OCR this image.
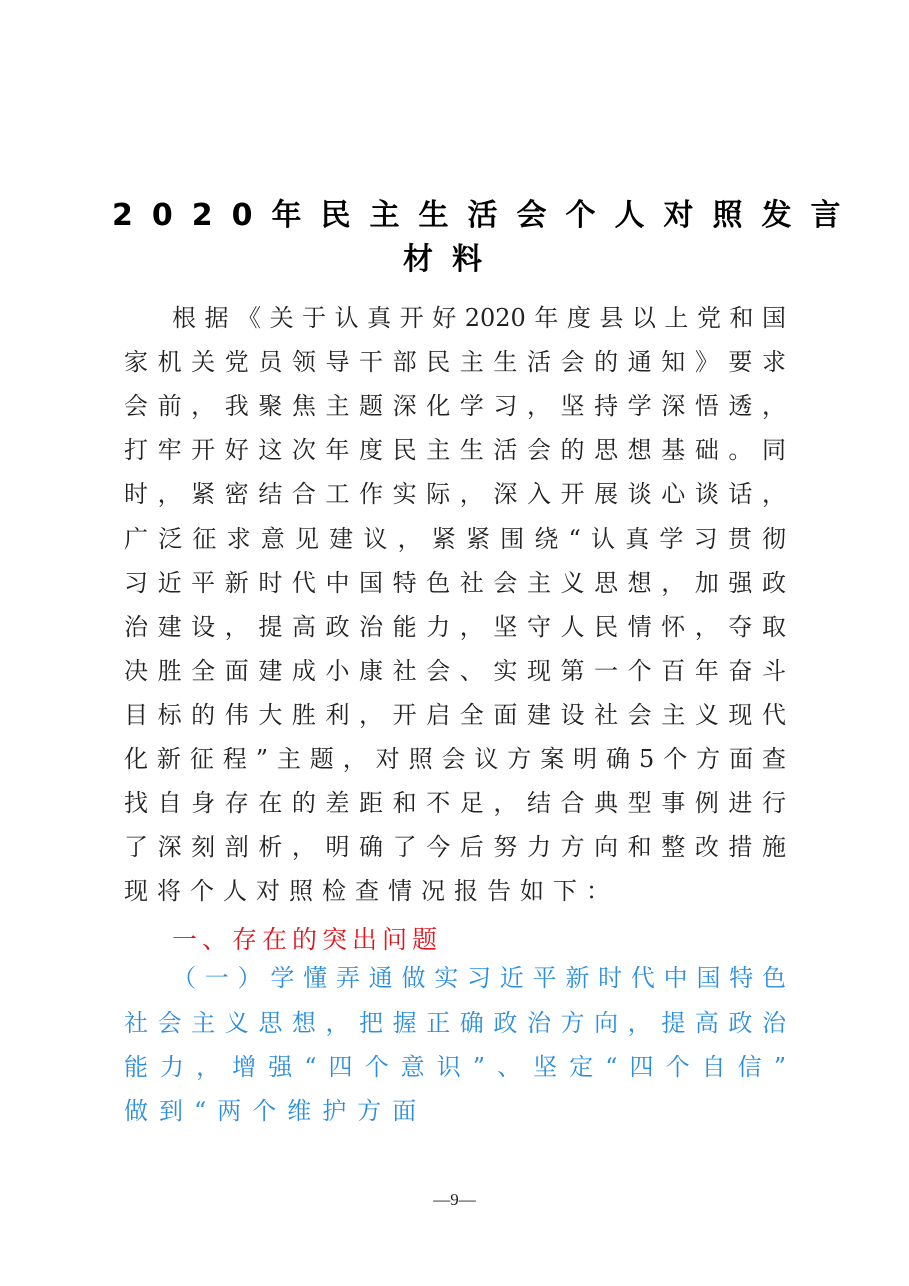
2020年民主生活会个人对照发言
材料
根据《关于认真开好2020年度县以上党和国
家机关党员领导干部民主生活会的通知》要求
会前，我聚焦主题深化学习，坚持学深悟透，
打牢开好这次年度民主生活会的思想基础。同
时，紧密结合工作实际，深入开展谈心谈话，
广泛征求意见建议，紧紧围绕“认真学习贯彻
习近平新时代中国特色社会主义思想，加强政
治建设，提高政治能力，坚守人民情怀，夺取
决胜全面建成小康社会、实现第一个百年奋斗
目标的伟大胜利，开启全面建设社会主义现代
化新征程”主题，对照会议方案明确5个方面查
找自身存在的差距和不足，结合典型事例进行
了深刻剖析，明确了今后努力方向和整改措施
现将个人对照检查情况报告如下：
一、存在的突出问题
（一）学懂弄通做实习近平新时代中国特色
社会主义思想，把握正确政治方向，提高政治
能力，增强“四个意识”、坚定“四个自信”
做到“两个维护方面
—9—
